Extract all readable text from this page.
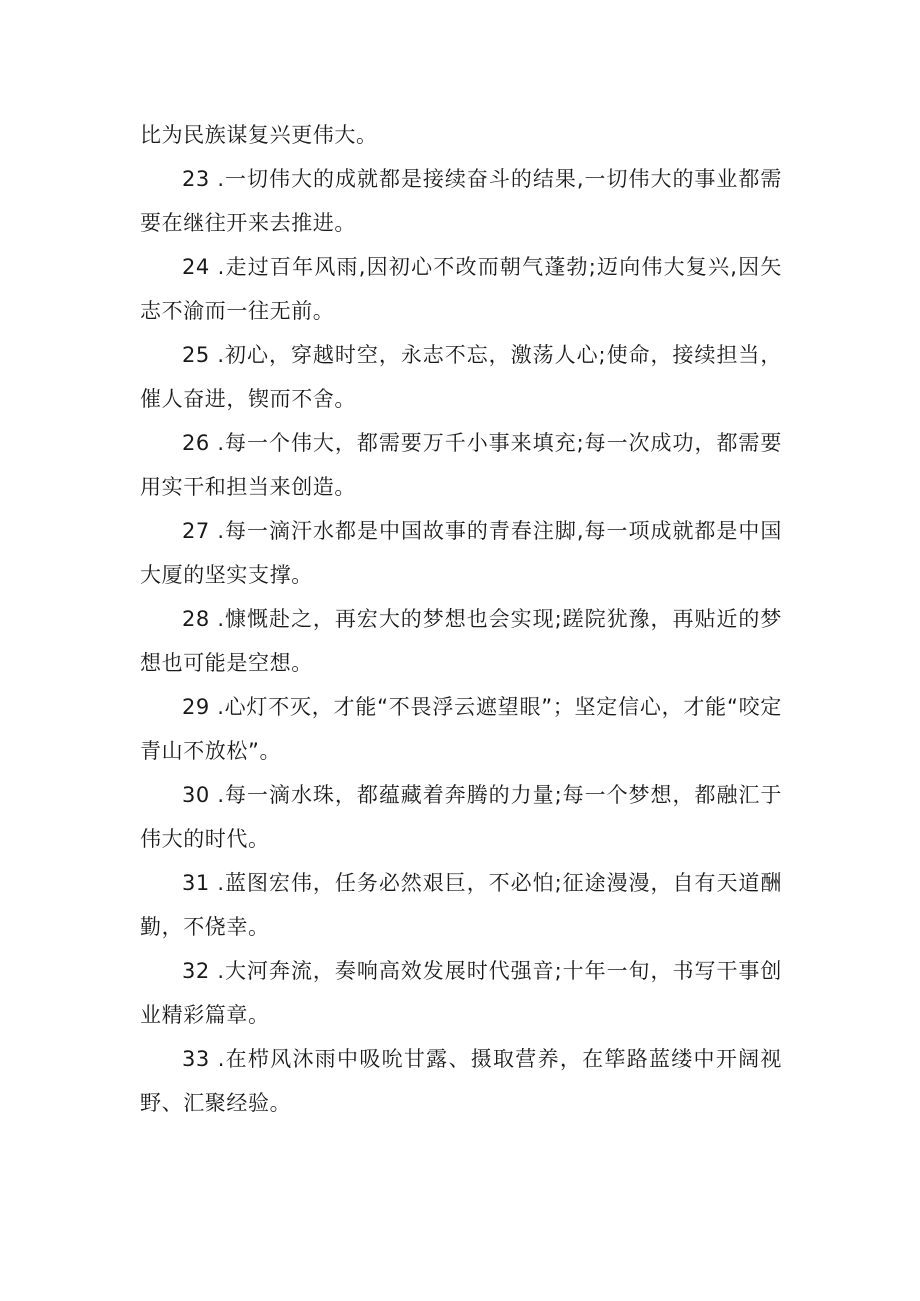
比为民族谋复兴更伟大。

23 .一切伟大的成就都是接续奋斗的结果,一切伟大的事业都需要在继往开来去推进。

24 .走过百年风雨,因初心不改而朝气蓬勃;迈向伟大复兴,因矢志不渝而一往无前。

25 .初心，穿越时空，永志不忘，激荡人心;使命，接续担当，催人奋进，锲而不舍。

26 .每一个伟大，都需要万千小事来填充;每一次成功，都需要用实干和担当来创造。

27 .每一滴汗水都是中国故事的青春注脚,每一项成就都是中国大厦的坚实支撑。

28 .慷慨赴之，再宏大的梦想也会实现;蹉院犹豫，再贴近的梦想也可能是空想。

29 .心灯不灭，才能“不畏浮云遮望眼”；坚定信心，才能“咬定青山不放松”。

30 .每一滴水珠，都蕴藏着奔腾的力量;每一个梦想，都融汇于伟大的时代。

31 .蓝图宏伟，任务必然艰巨，不必怕;征途漫漫，自有天道酬勤，不侥幸。

32 .大河奔流，奏响高效发展时代强音;十年一旬，书写干事创业精彩篇章。

33 .在栉风沐雨中吸吮甘露、摄取营养，在筚路蓝缕中开阔视野、汇聚经验。
